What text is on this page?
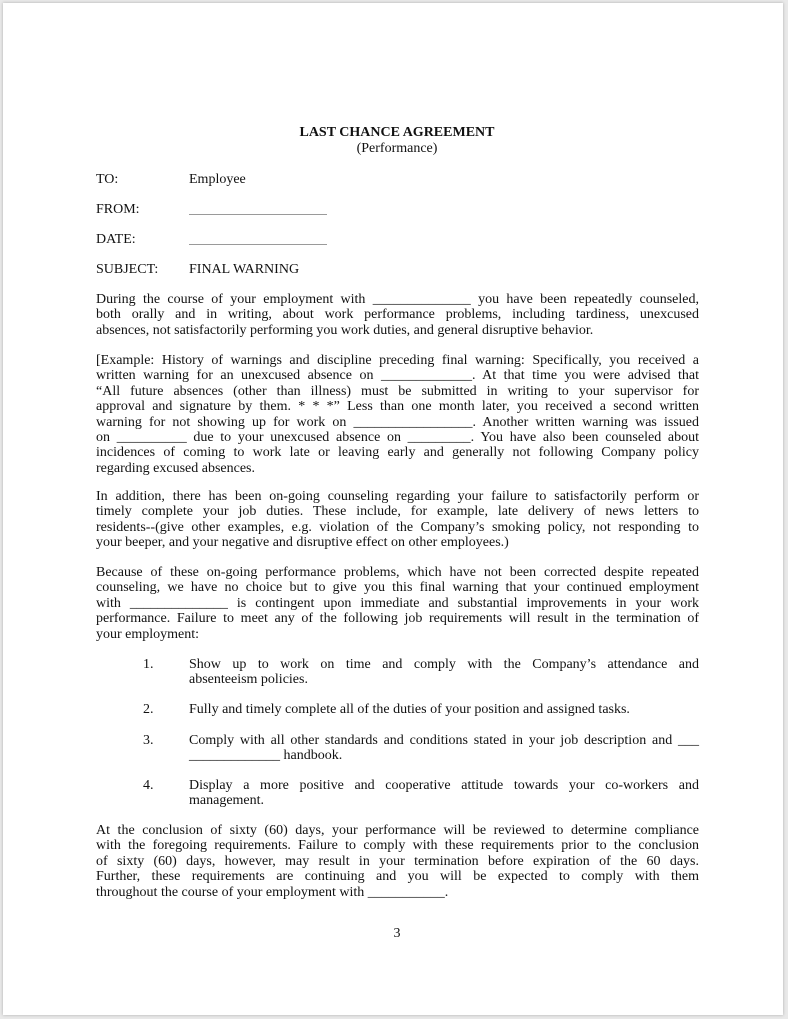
LAST CHANCE AGREEMENT
(Performance)
TO:	Employee
FROM:
DATE:
SUBJECT: FINAL WARNING
During the course of your employment with ______________ you have been repeatedly counseled,
both orally and in writing, about work performance problems, including tardiness, unexcused
absences, not satisfactorily performing you work duties, and general disruptive behavior.
[Example: History of warnings and discipline preceding final warning: Specifically, you received a
written warning for an unexcused absence on _____________. At that time you were advised that
“All future absences (other than illness) must be submitted in writing to your supervisor for
approval and signature by them. * * *” Less than one month later, you received a second written
warning for not showing up for work on _________________. Another written warning was issued
on __________ due to your unexcused absence on _________. You have also been counseled about
incidences of coming to work late or leaving early and generally not following Company policy
regarding excused absences.
In addition, there has been on-going counseling regarding your failure to satisfactorily perform or
timely complete your job duties. These include, for example, late delivery of news letters to
residents--(give other examples, e.g. violation of the Company’s smoking policy, not responding to
your beeper, and your negative and disruptive effect on other employees.)
Because of these on-going performance problems, which have not been corrected despite repeated
counseling, we have no choice but to give you this final warning that your continued employment
with ______________ is contingent upon immediate and substantial improvements in your work
performance. Failure to meet any of the following job requirements will result in the termination of
your employment:
1.	Show up to work on time and comply with the Company’s attendance and
absenteeism policies.
2.	Fully and timely complete all of the duties of your position and assigned tasks.
3.	Comply with all other standards and conditions stated in your job description and ___
_____________ handbook.
4.	Display a more positive and cooperative attitude towards your co-workers and
management.
At the conclusion of sixty (60) days, your performance will be reviewed to determine compliance
with the foregoing requirements. Failure to comply with these requirements prior to the conclusion
of sixty (60) days, however, may result in your termination before expiration of the 60 days.
Further, these requirements are continuing and you will be expected to comply with them
throughout the course of your employment with ___________.
3
